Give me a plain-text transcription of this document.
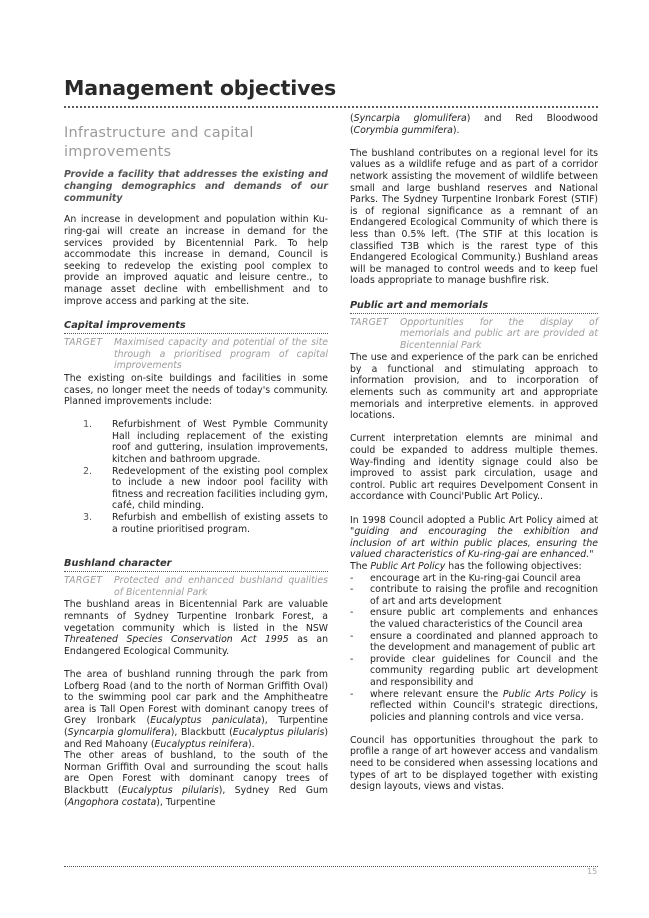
Management objectives
Infrastructure and capital improvements

Provide a facility that addresses the existing and changing demographics and demands of our community

An increase in development and population within Ku-ring-gai will create an increase in demand for the services provided by Bicentennial Park. To help accommodate this increase in demand, Council is seeking to redevelop the existing pool complex to provide an improved aquatic and leisure centre., to manage asset decline with embellishment and to improve access and parking at the site.

Capital improvements
TARGET	Maximised capacity and potential of the site through a prioritised program of capital improvements

The existing on-site buildings and facilities in some cases, no longer meet the needs of today's community. Planned improvements include:

1.	Refurbishment of West Pymble Community Hall including replacement of the existing roof and guttering, insulation improvements, kitchen and bathroom upgrade.
2.	Redevelopment of the existing pool complex to include a new indoor pool facility with fitness and recreation facilities including gym, café, child minding.
3.	Refurbish and embellish of existing assets to a routine prioritised program.
Bushland character
TARGET	Protected and enhanced bushland qualities of Bicentennial Park

The bushland areas in Bicentennial Park are valuable remnants of Sydney Turpentine Ironbark Forest, a vegetation community which is listed in the NSW Threatened Species Conservation Act 1995 as an Endangered Ecological Community.

The area of bushland running through the park from Lofberg Road (and to the north of Norman Griffith Oval) to the swimming pool car park and the Amphitheatre area is Tall Open Forest with dominant canopy trees of Grey Ironbark (Eucalyptus paniculata), Turpentine (Syncarpia glomulifera), Blackbutt (Eucalyptus pilularis) and Red Mahoany (Eucalyptus reinifera).

The other areas of bushland, to the south of the Norman Griffith Oval and surrounding the scout halls are Open Forest with dominant canopy trees of Blackbutt (Eucalyptus pilularis), Sydney Red Gum (Angophora costata), Turpentine

(Syncarpia glomulifera) and Red Bloodwood (Corymbia gummifera).

The bushland contributes on a regional level for its values as a wildlife refuge and as part of a corridor network assisting the movement of wildlife between small and large bushland reserves and National Parks. The Sydney Turpentine Ironbark Forest (STIF) is of regional significance as a remnant of an Endangered Ecological Community of which there is less than 0.5% left. (The STIF at this location is classified T3B which is the rarest type of this Endangered Ecological Community.) Bushland areas will be managed to control weeds and to keep fuel loads appropriate to manage bushfire risk.

Public art and memorials
TARGET	Opportunities for the display of memorials and public art are provided at Bicentennial Park

The use and experience of the park can be enriched by a functional and stimulating approach to information provision, and to incorporation of elements such as community art and appropriate memorials and interpretive elements. in approved locations.

Current interpretation elemnts are minimal and could be expanded to address multiple themes. Way-finding and identity signage could also be improved to assist park circulation, usage and control. Public art requires Develpoment Consent in accordance with Counci'Public Art Policy..

In 1998 Council adopted a Public Art Policy aimed at "guiding and encouraging the exhibition and inclusion of art within public places, ensuring the valued characteristics of Ku-ring-gai are enhanced."

The Public Art Policy has the following objectives:

-	encourage art in the Ku-ring-gai Council area
-	contribute to raising the profile and recognition of art and arts development
-	ensure public art complements and enhances the valued characteristics of the Council area
-	ensure a coordinated and planned approach to the development and management of public art
-	provide clear guidelines for Council and the community regarding public art development and responsibility and
-	where relevant ensure the Public Arts Policy is reflected within Council's strategic directions, policies and planning controls and vice versa.

Council has opportunities throughout the park to profile a range of art however access and vandalism need to be considered when assessing locations and types of art to be displayed together with existing design layouts, views and vistas.

15
